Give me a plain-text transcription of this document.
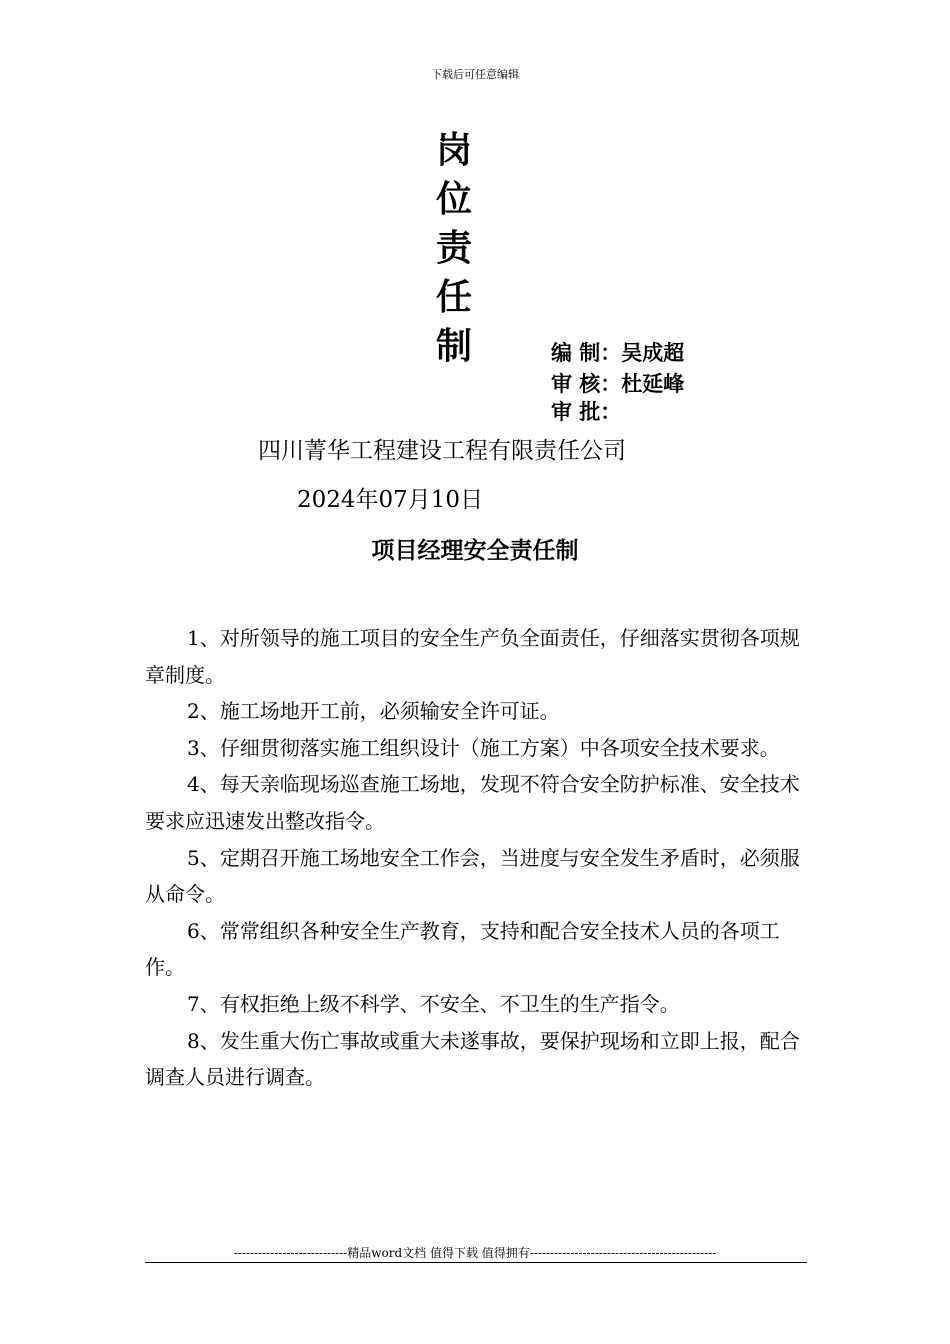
下载后可任意编辑
岗
位
责
任
制	编 制：吴成超
审 核：杜延峰
审 批：
四川菁华工程建设工程有限责任公司
2024年07月10日
项目经理安全责任制

1、对所领导的施工项目的安全生产负全面责任，仔细落实贯彻各项规章制度。

2、施工场地开工前，必须输安全许可证。

3、仔细贯彻落实施工组织设计（施工方案）中各项安全技术要求。

4、每天亲临现场巡查施工场地，发现不符合安全防护标准、安全技术要求应迅速发出整改指令。

5、定期召开施工场地安全工作会，当进度与安全发生矛盾时，必须服从命令。

6、常常组织各种安全生产教育，支持和配合安全技术人员的各项工作。

7、有权拒绝上级不科学、不安全、不卫生的生产指令。

8、发生重大伤亡事故或重大未遂事故，要保护现场和立即上报，配合调查人员进行调查。

----------------------------精品word文档 值得下载 值得拥有----------------------------------------------
